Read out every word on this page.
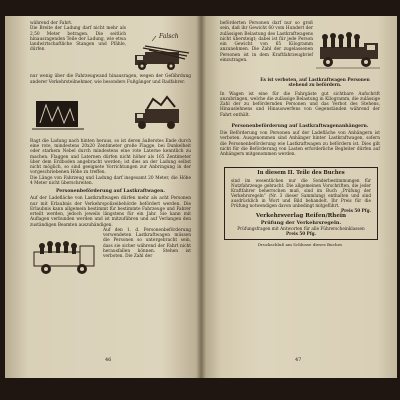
während der Fahrt.

Die Breite der Ladung darf nicht mehr als 2,50 Meter betragen. Die seitlich hinausragenden Teile der Ladung, wie etwa landwirtschaftliche Stangen und Pfähle, dürfen

Falsch

nur wenig über die Fahrzeugwand hinausragen, wegen der Gefährdung anderer Verkehrsteilnehmer, wie besonders Fußgänger und Radfahrer.

Ragt die Ladung nach hinten heraus, so ist deren äußerstes Ende durch eine rote, mindestens 20x20 Zentimeter große Flagge, bei Dunkelheit oder starkem Nebel durch mindestens eine rote Laterne kenntlich zu machen. Flaggen und Laternen dürfen nicht höher als 165 Zentimeter über dem Erdboden angebracht werden; ist dies an der Ladung selbst nicht möglich, so sind geeignete Vorrichtungen zur Anbringung in der vorgeschriebenen Höhe zu treffen.

Die Länge von Fahrzeug und Ladung darf insgesamt 20 Meter, die Höhe 4 Meter nicht überschreiten.

Personenbeförderung auf Lastkraftwagen.

Auf der Ladefläche von Lastkraftwagen dürfen mehr als acht Personen nur mit Erlaubnis der Verkehrspolizeibehörde befördert werden. Die Erlaubnis kann allgemein bestimmt für bestimmte Fahrzeuge und Fahrer erteilt werden, jedoch jeweils längstens für ein Jahr. Sie kann mit Auflagen verbunden werden und ist mitzuführen und auf Verlangen den zuständigen Beamten auszuhändigen.

Auf den 1. d. Personenbeförderung verwendeten Lastkraftwagen müssen die Personen so untergebracht sein, dass sie sicher während der Fahrt nicht herausfallen können. Stehen ist verboten. Die Zahl der

46

beförderten Personen darf nur so groß sein, daß ihr Gewicht 60 vom Hundert der zulässigen Belastung des Lastkraftwagens nicht übersteigt; dabei ist für jede Person ein Gewicht von 65 Kilogramm anzunehmen. Die Zahl der zugelassenen Personen ist in dem Kraftfahrzeugbrief einzutragen.

Es ist verboten, auf Lastkraftwagen Personen stehend zu befördern.

In Wagen ist eine für die Fahrgäste gut sichtbare Aufschrift anzubringen, welche die zulässige Belastung in Kilogramm, die zulässige Zahl der zu befördernden Personen und das Verbot des Stehens, Hinauslehnens und Hinauswerfens von Gegenständen während der Fahrt enthält.

Personenbeförderung auf Lastkraftwagenanhängern.

Die Beförderung von Personen auf der Ladefläche von Anhängern ist verboten. Ausgenommen sind Anhänger hinter Lastkraftwagen, sofern die Personenbeförderung wie Lastkraftwagen zu befördern ist. Dies gilt nicht für die Beförderung von Lasten erforderliche Begleiter dürfen auf Anhängern mitgenommen werden.

In diesem II. Teile des Buches

sind im wesentlichen nur die Sonderbestimmungen für Nutzfahrzeuge gebracht. Die allgemeinen Vorschriften, die jeder Kraftfahrer beherrschen muß, sind im Buch „Prüfung der Verkehrsregeln“ (Nr. 3 dieser Sammlung) enthalten und sind ausdrücklich in Wort und Bild behandelt. Ihr Preis für die Prüfung notwendigen davon unbedingt mitgeführt.

Preis 50 Pfg.
Verkehrsverlag Reifen/Rhein
Prüfung der Verkehrsregeln.

Prüfungsfragen mit Antworten für alle Führerscheinklassen

Preis 50 Pfg.

Druckschluß am Schlusse dieses Buches
47
